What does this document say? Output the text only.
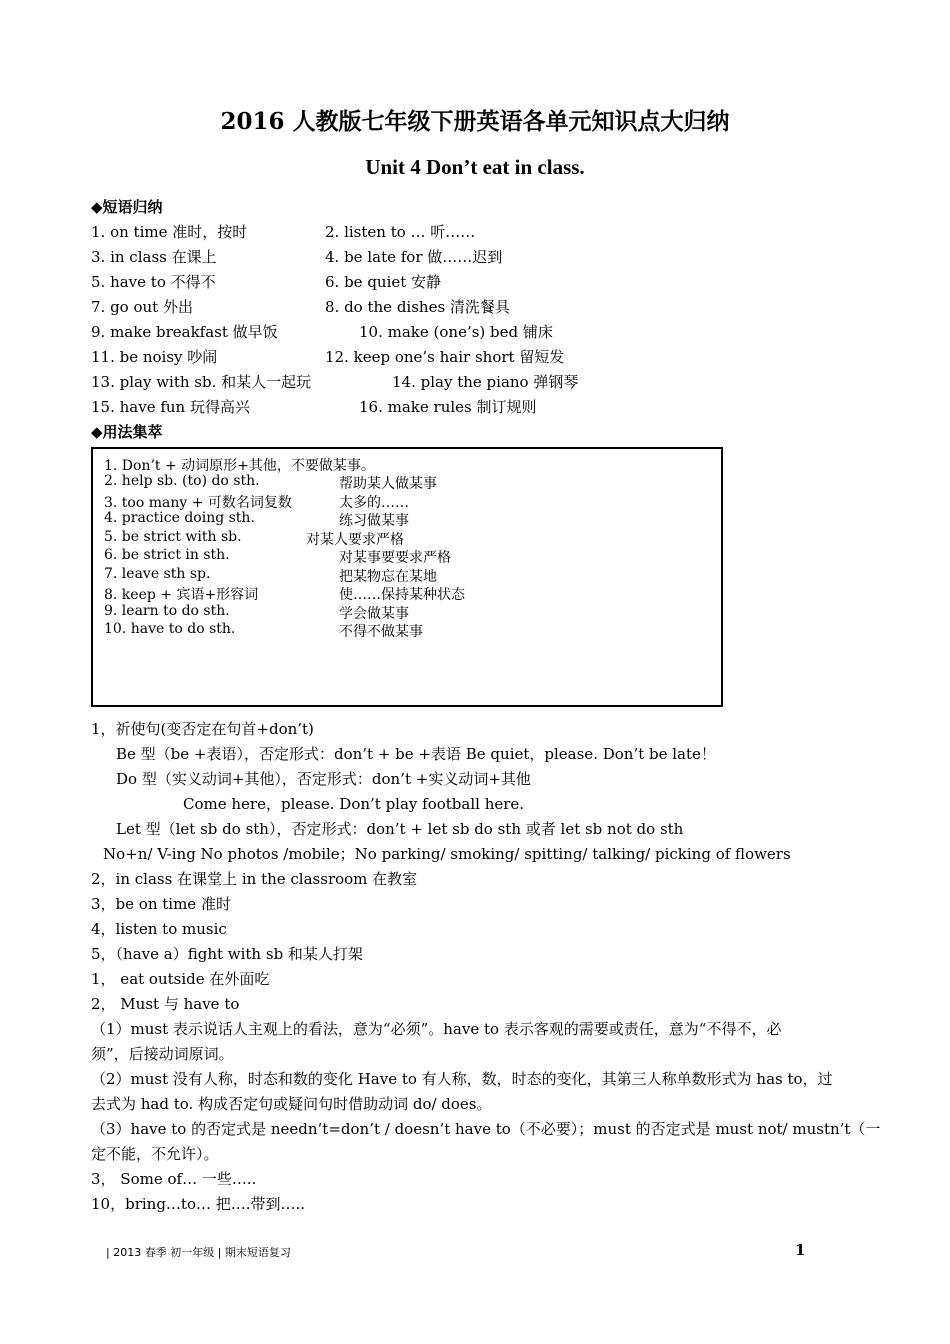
2016 人教版七年级下册英语各单元知识点大归纳
Unit 4 Don’t eat in class.
◆短语归纳
1. on time 准时，按时	2. listen to … 听……
3. in class 在课上	4. be late for 做……迟到
5. have to 不得不	6. be quiet 安静
7. go out 外出	8. do the dishes 清洗餐具
9. make breakfast 做早饭	10. make (one’s) bed 铺床
11. be noisy 吵闹	12. keep one’s hair short 留短发
13. play with sb. 和某人一起玩	14. play the piano 弹钢琴
15. have fun 玩得高兴	16. make rules 制订规则
◆用法集萃
1. Don’t + 动词原形+其他，不要做某事。
2. help sb. (to) do sth.	帮助某人做某事
3. too many + 可数名词复数	太多的……
4. practice doing sth.	练习做某事
5. be strict with sb.	对某人要求严格
6. be strict in sth.	对某事要要求严格
7. leave sth sp.	把某物忘在某地
8. keep + 宾语+形容词	使……保持某种状态
9. learn to do sth.	学会做某事
10. have to do sth.	不得不做某事
1，祈使句(变否定在句首+don’t)
Be 型（be +表语），否定形式：don’t + be +表语 Be quiet，please. Don’t be late！
Do 型（实义动词+其他），否定形式：don’t +实义动词+其他
Come here，please. Don’t play football here.
Let 型（let sb do sth），否定形式：don’t + let sb do sth 或者 let sb not do sth
No+n/ V-ing No photos /mobile；No parking/ smoking/ spitting/ talking/ picking of flowers
2，in class 在课堂上 in the classroom 在教室
3，be on time 准时
4，listen to music
5，（have a）fight with sb 和某人打架
1， eat outside 在外面吃
2， Must 与 have to
（1）must 表示说话人主观上的看法，意为“必须”。have to 表示客观的需要或责任，意为“不得不，必
须”，后接动词原词。
（2）must 没有人称，时态和数的变化 Have to 有人称，数，时态的变化，其第三人称单数形式为 has to，过
去式为 had to. 构成否定句或疑问句时借助动词 do/ does。
（3）have to 的否定式是 needn’t=don’t / doesn’t have to（不必要）；must 的否定式是 must not/ mustn’t（一
定不能，不允许）。
3， Some of… 一些…..
10，bring…to… 把….带到…..
| 2013 春季 初一年级 | 期末短语复习	1
